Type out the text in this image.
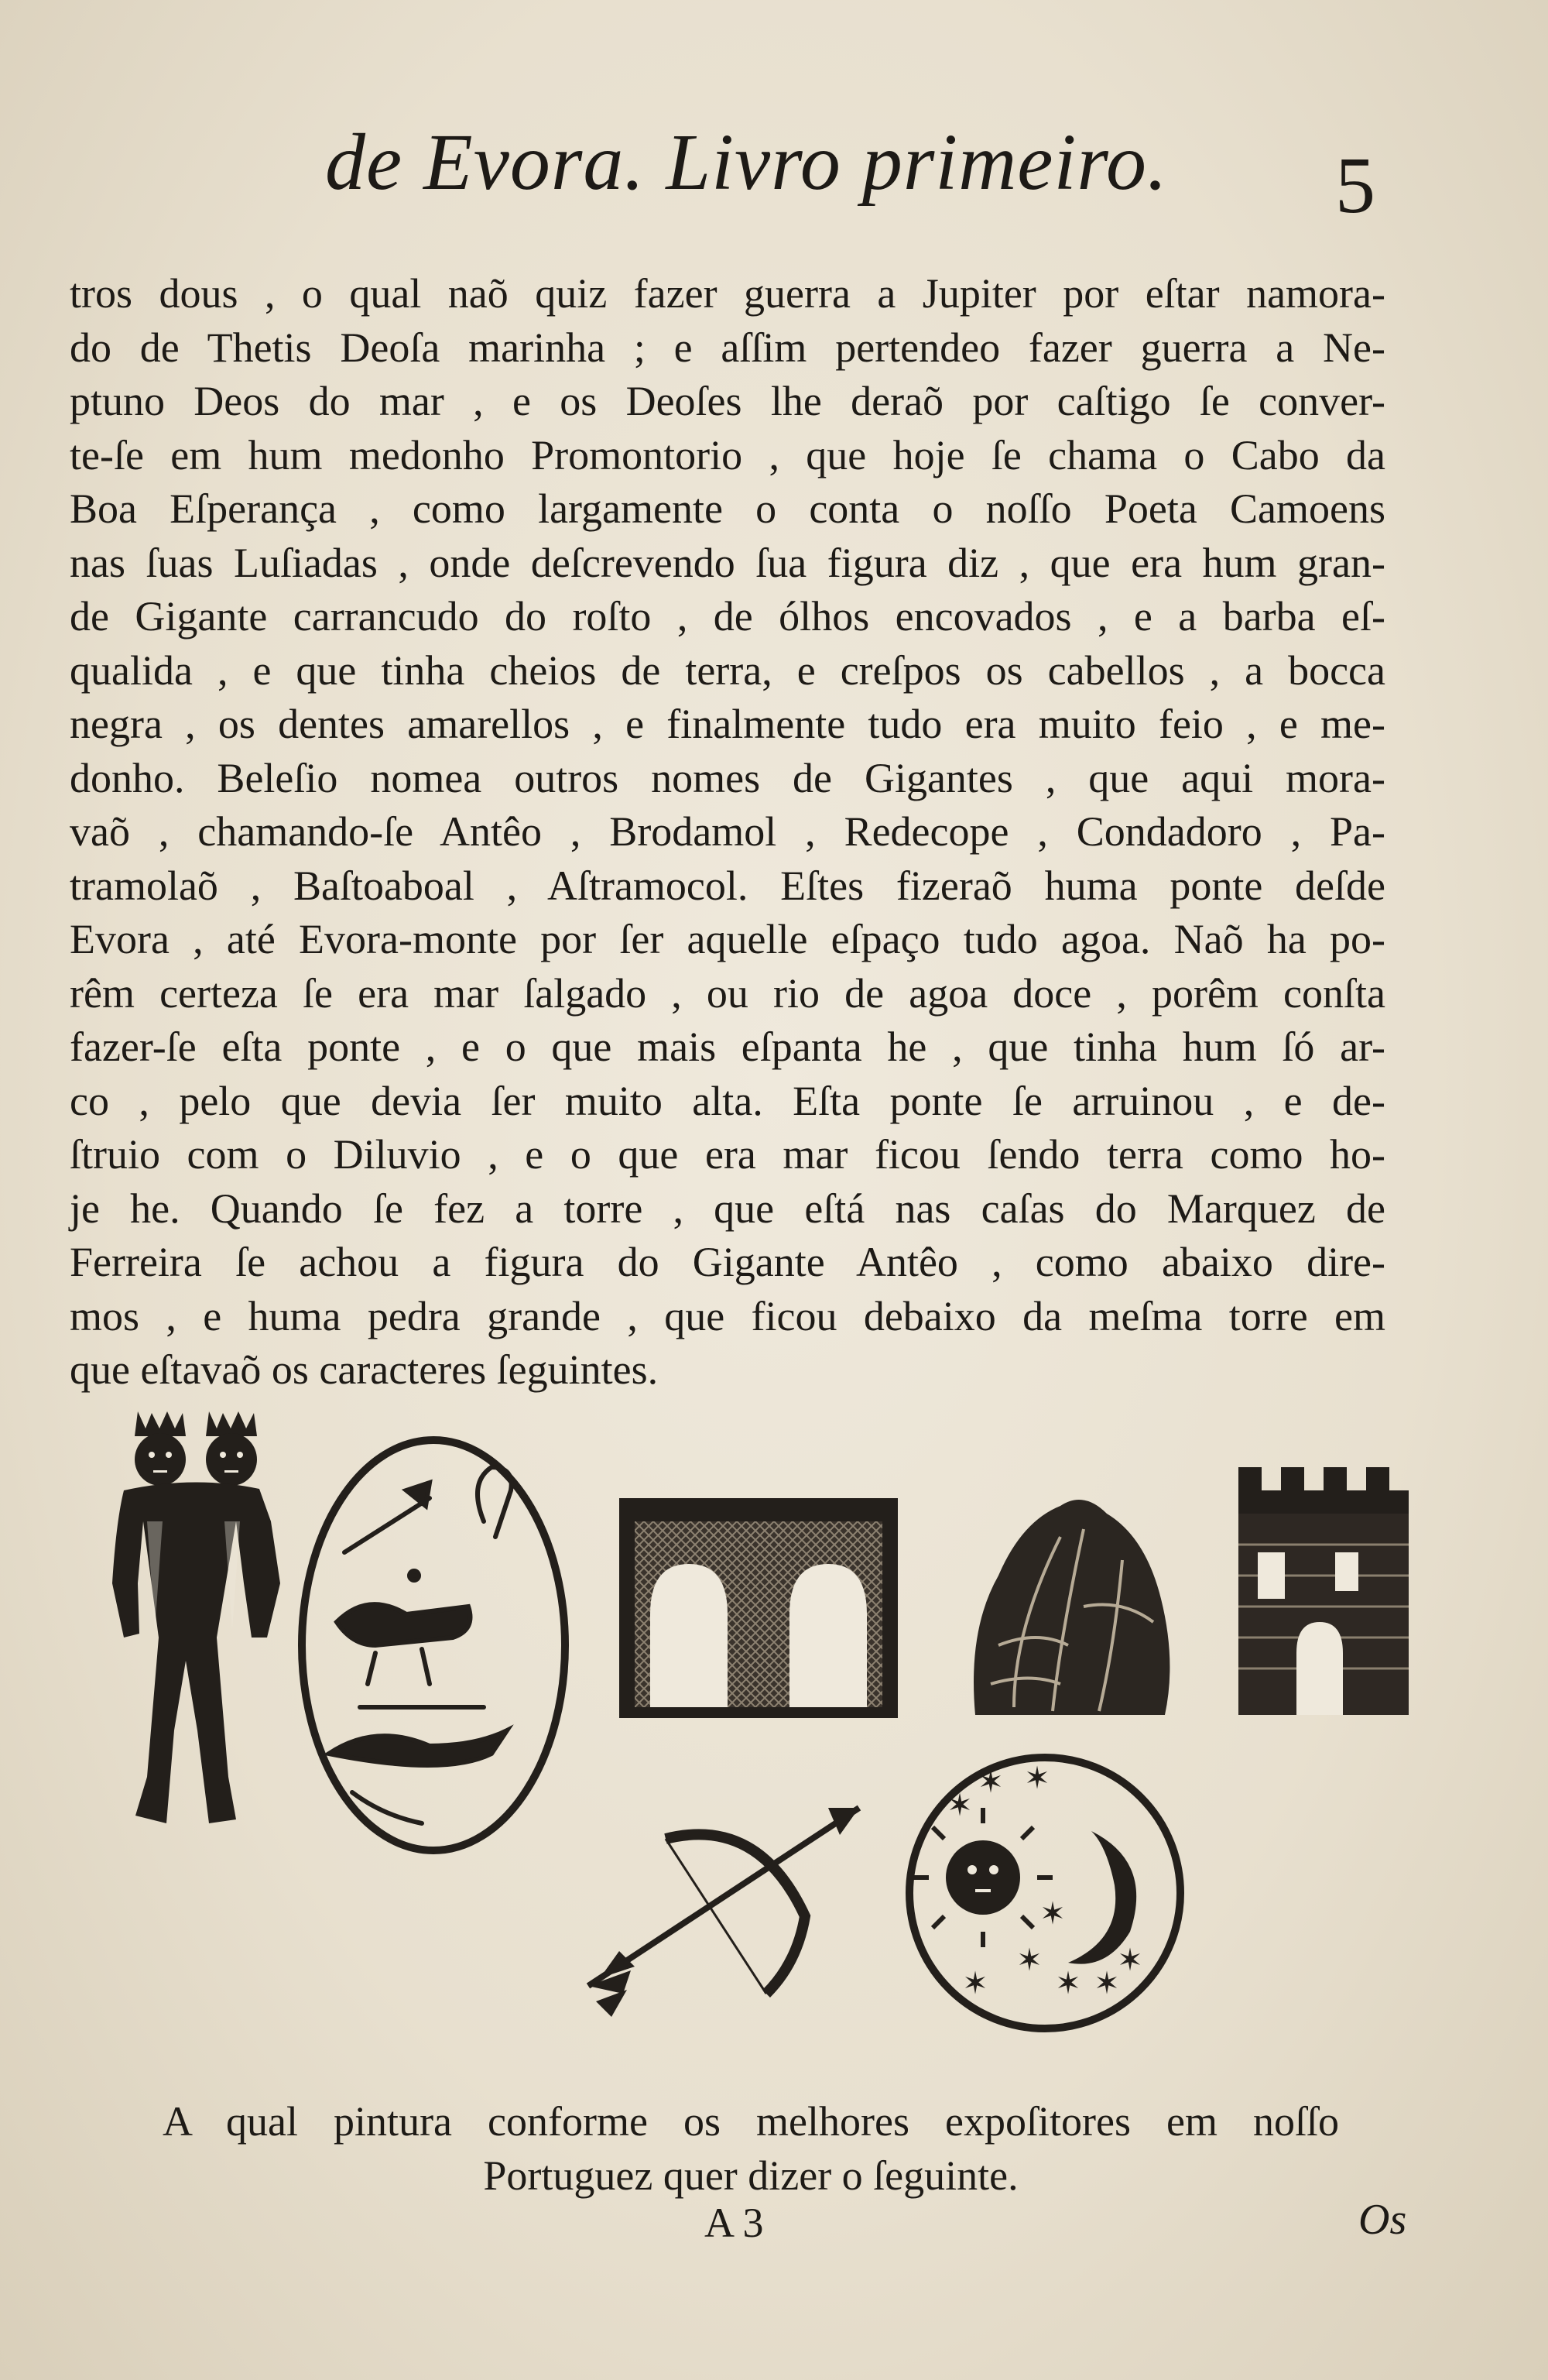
de Evora. Livro primeiro. 5
tros dous , o qual naõ quiz fazer guerra a Jupiter por eſtar namora-
do de Thetis Deoſa marinha ; e aſſim pertendeo fazer guerra a Ne-
ptuno Deos do mar , e os Deoſes lhe deraõ por caſtigo ſe conver-
te-ſe em hum medonho Promontorio , que hoje ſe chama o Cabo da
Boa Eſperança , como largamente o conta o noſſo Poeta Camoens
nas ſuas Luſiadas , onde deſcrevendo ſua figura diz , que era hum gran-
de Gigante carrancudo do roſto , de ólhos encovados , e a barba eſ-
qualida , e que tinha cheios de terra, e creſpos os cabellos , a bocca
negra , os dentes amarellos , e finalmente tudo era muito feio , e me-
donho. Beleſio nomea outros nomes de Gigantes , que aqui mora-
vaõ , chamando-ſe Antêo , Brodamol , Redecope , Condadoro , Pa-
tramolaõ , Baſtoaboal , Aſtramocol. Eſtes fizeraõ huma ponte deſde
Evora , até Evora-monte por ſer aquelle eſpaço tudo agoa. Naõ ha po-
rêm certeza ſe era mar ſalgado , ou rio de agoa doce , porêm conſta
fazer-ſe eſta ponte , e o que mais eſpanta he , que tinha hum ſó ar-
co , pelo que devia ſer muito alta. Eſta ponte ſe arruinou , e de-
ſtruio com o Diluvio , e o que era mar ficou ſendo terra como ho-
je he. Quando ſe fez a torre , que eſtá nas caſas do Marquez de
Ferreira ſe achou a figura do Gigante Antêo , como abaixo dire-
mos , e huma pedra grande , que ficou debaixo da meſma torre em
que eſtavaõ os caracteres ſeguintes.
✶ ✶
✶
✶
✶
✶
✶	✶
✶
A qual pintura conforme os melhores expoſitores em noſſo
Portuguez quer dizer o ſeguinte.
A 3	Os
